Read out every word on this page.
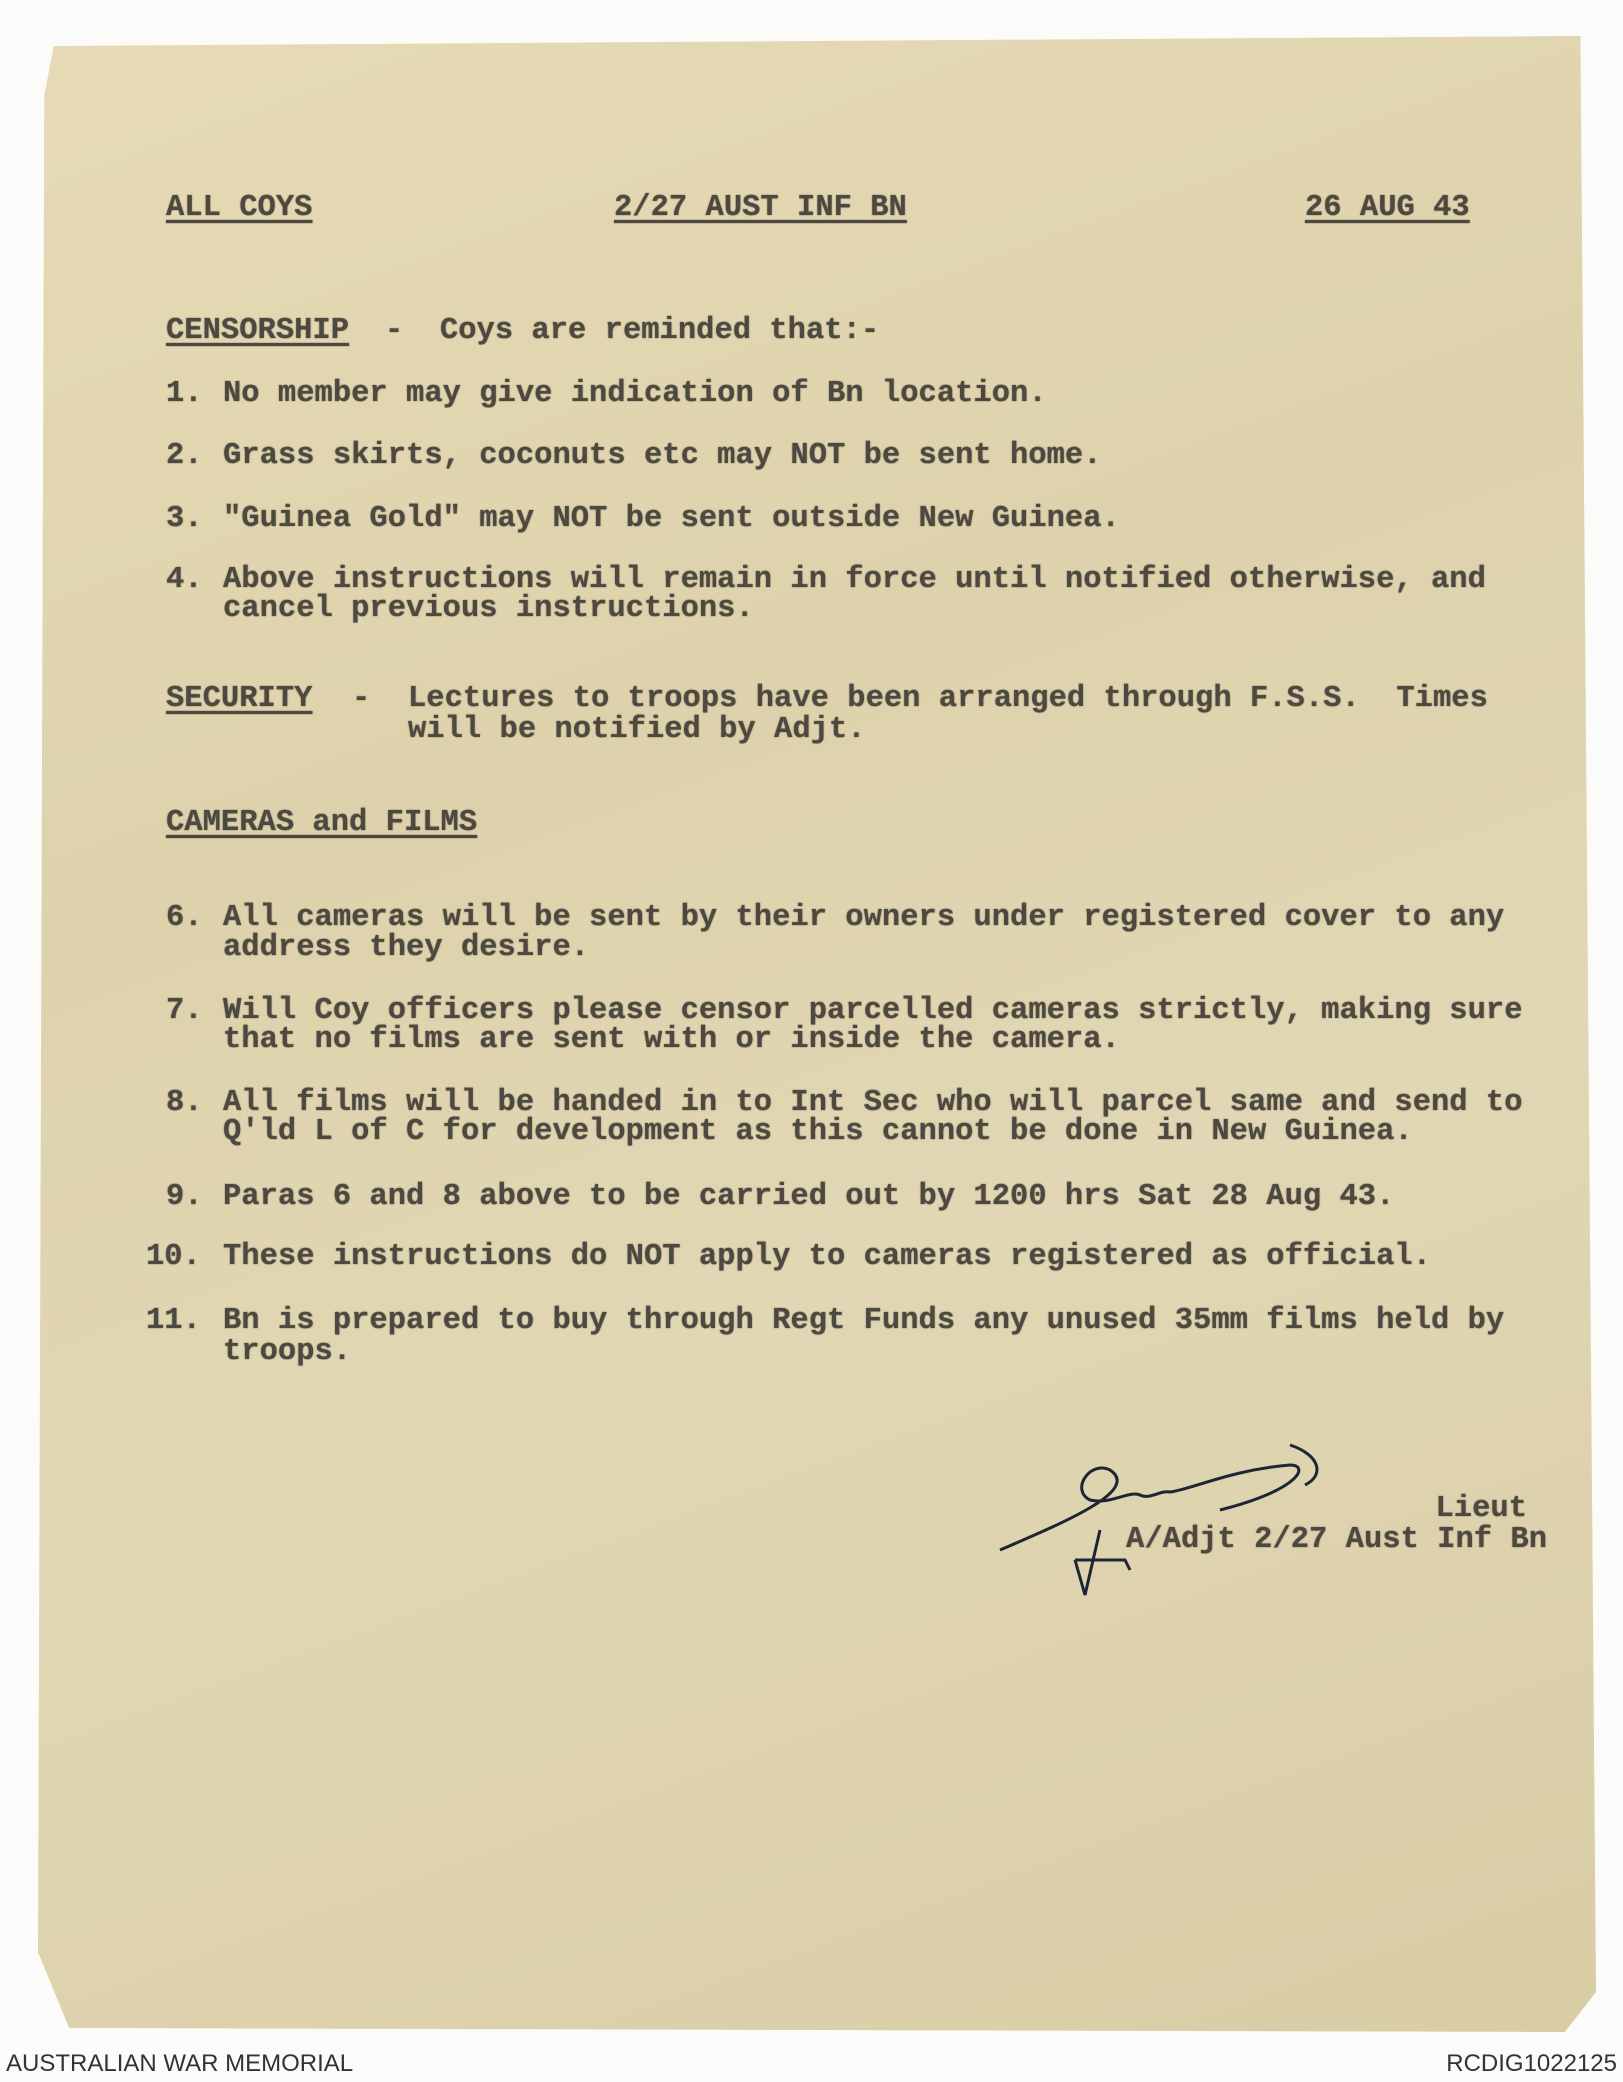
ALL COYS	2/27 AUST INF BN	26 AUG 43
CENSORSHIP -  Coys are reminded that:-
1. No member may give indication of Bn location.
2. Grass skirts, coconuts etc may NOT be sent home.
3. "Guinea Gold" may NOT be sent outside New Guinea.
4. Above instructions will remain in force until notified otherwise, and
cancel previous instructions.
SECURITY - Lectures to troops have been arranged through F.S.S.  Times
will be notified by Adjt.
CAMERAS and FILMS
6. All cameras will be sent by their owners under registered cover to any
address they desire.
7. Will Coy officers please censor parcelled cameras strictly, making sure
that no films are sent with or inside the camera.
8. All films will be handed in to Int Sec who will parcel same and send to
Q'ld L of C for development as this cannot be done in New Guinea.
9. Paras 6 and 8 above to be carried out by 1200 hrs Sat 28 Aug 43.
10. These instructions do NOT apply to cameras registered as official.
11. Bn is prepared to buy through Regt Funds any unused 35mm films held by
troops.
Lieut
A/Adjt 2/27 Aust Inf Bn
AUSTRALIAN WAR MEMORIAL	RCDIG1022125
